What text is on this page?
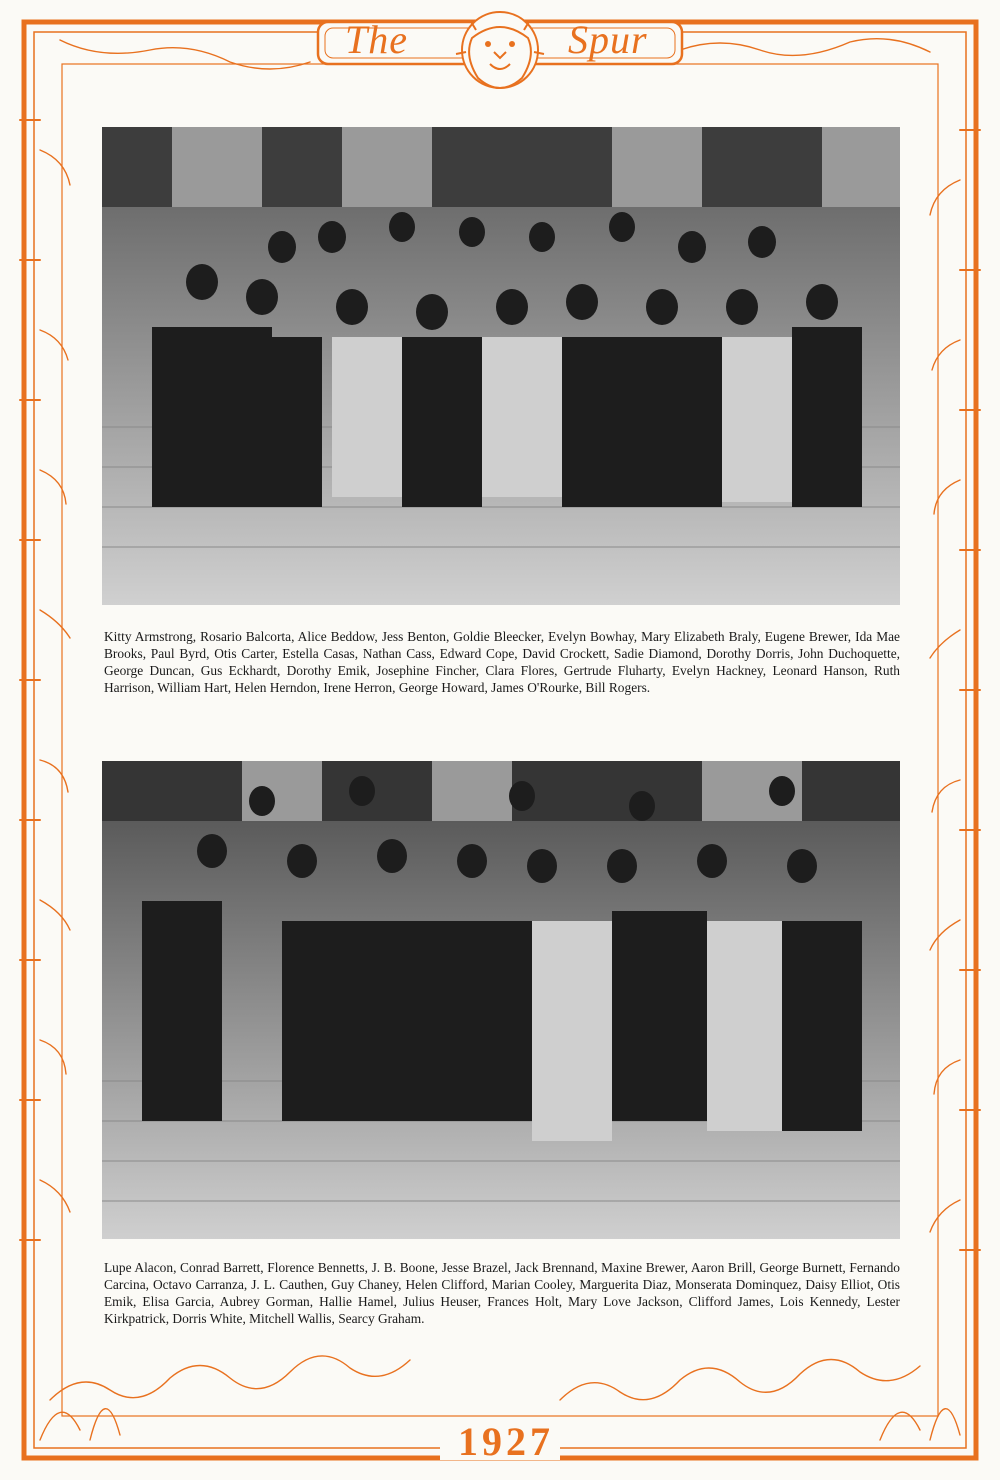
The	Spur
Kitty Armstrong, Rosario Balcorta, Alice Beddow, Jess Benton, Goldie Bleecker, Evelyn Bowhay, Mary Elizabeth Braly, Eugene Brewer, Ida Mae Brooks, Paul Byrd, Otis Carter, Estella Casas, Nathan Cass, Edward Cope, David Crockett, Sadie Diamond, Dorothy Dorris, John Duchoquette, George Duncan, Gus Eckhardt, Dorothy Emik, Josephine Fincher, Clara Flores, Gertrude Fluharty, Evelyn Hackney, Leonard Hanson, Ruth Harrison, William Hart, Helen Herndon, Irene Herron, George Howard, James O'Rourke, Bill Rogers.
Lupe Alacon, Conrad Barrett, Florence Bennetts, J. B. Boone, Jesse Brazel, Jack Brennand, Maxine Brewer, Aaron Brill, George Burnett, Fernando Carcina, Octavo Carranza, J. L. Cauthen, Guy Chaney, Helen Clifford, Marian Cooley, Marguerita Diaz, Monserata Dominquez, Daisy Elliot, Otis Emik, Elisa Garcia, Aubrey Gorman, Hallie Hamel, Julius Heuser, Frances Holt, Mary Love Jackson, Clifford James, Lois Kennedy, Lester Kirkpatrick, Dorris White, Mitchell Wallis, Searcy Graham.
1927
